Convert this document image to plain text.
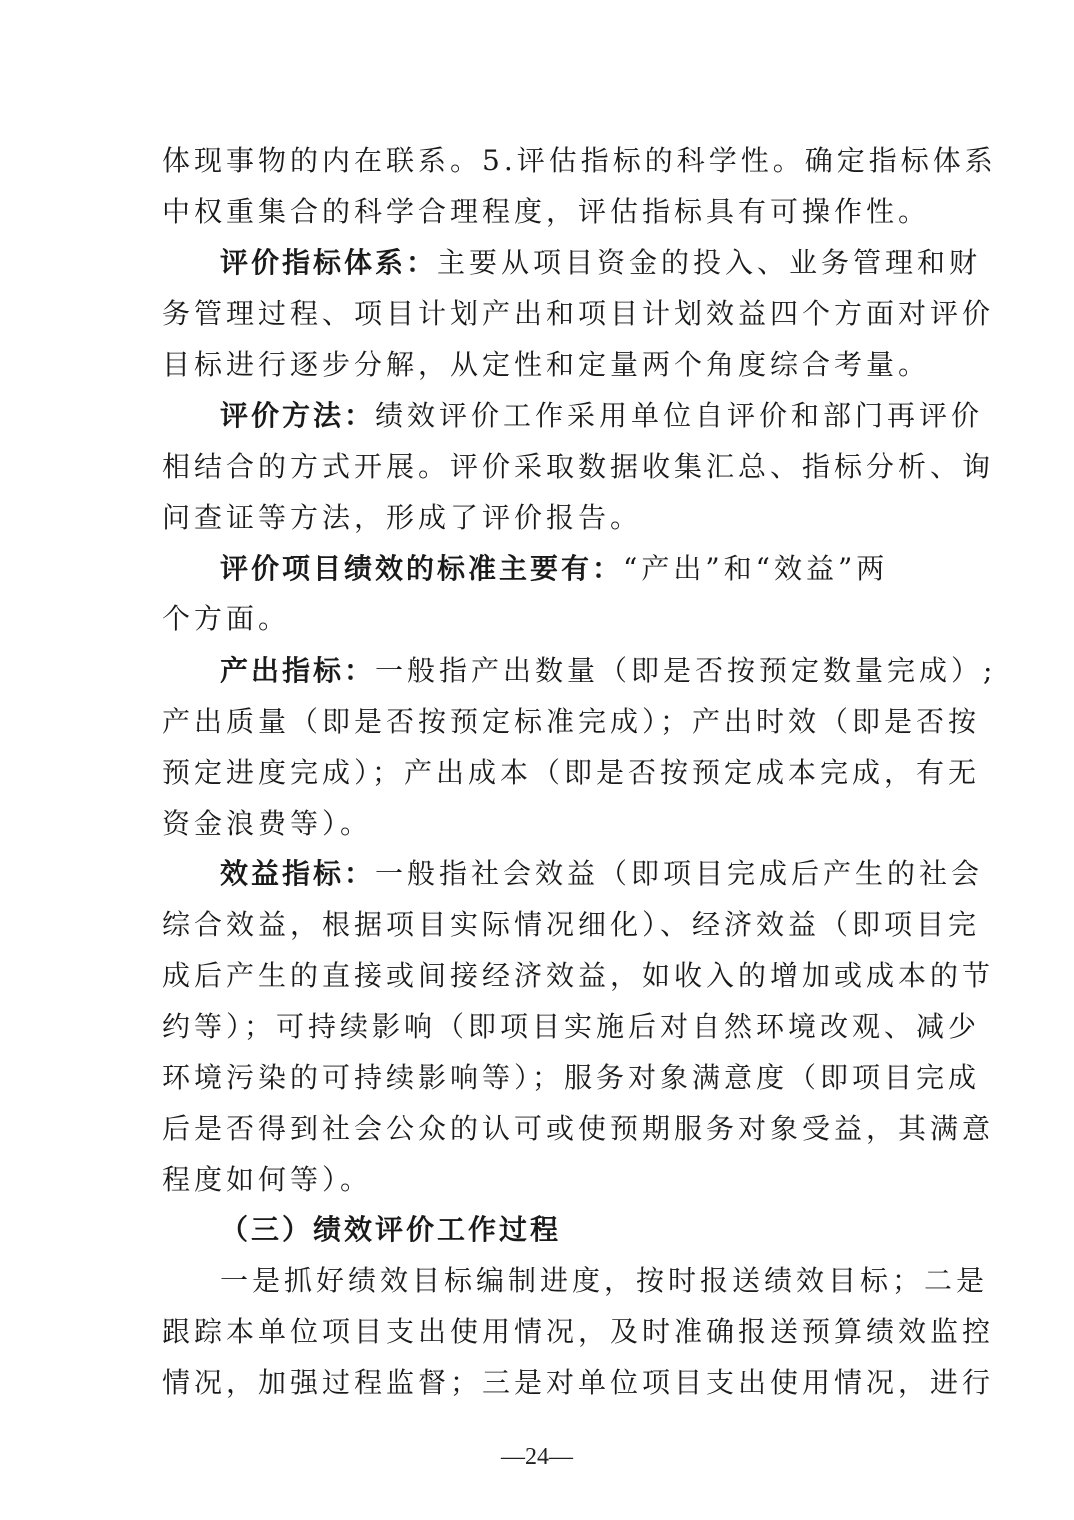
体现事物的内在联系。5.评估指标的科学性。确定指标体系
中权重集合的科学合理程度，评估指标具有可操作性。
评价指标体系：主要从项目资金的投入、业务管理和财
务管理过程、项目计划产出和项目计划效益四个方面对评价
目标进行逐步分解，从定性和定量两个角度综合考量。
评价方法：绩效评价工作采用单位自评价和部门再评价
相结合的方式开展。评价采取数据收集汇总、指标分析、询
问查证等方法，形成了评价报告。
评价项目绩效的标准主要有：“产出”和“效益”两
个方面。
产出指标：一般指产出数量（即是否按预定数量完成）;
产出质量（即是否按预定标准完成）；产出时效（即是否按
预定进度完成）；产出成本（即是否按预定成本完成，有无
资金浪费等）。
效益指标：一般指社会效益（即项目完成后产生的社会
综合效益，根据项目实际情况细化）、经济效益（即项目完
成后产生的直接或间接经济效益，如收入的增加或成本的节
约等）；可持续影响（即项目实施后对自然环境改观、减少
环境污染的可持续影响等）；服务对象满意度（即项目完成
后是否得到社会公众的认可或使预期服务对象受益，其满意
程度如何等）。
（三）绩效评价工作过程
一是抓好绩效目标编制进度，按时报送绩效目标；二是
跟踪本单位项目支出使用情况，及时准确报送预算绩效监控
情况，加强过程监督；三是对单位项目支出使用情况，进行
—24—
